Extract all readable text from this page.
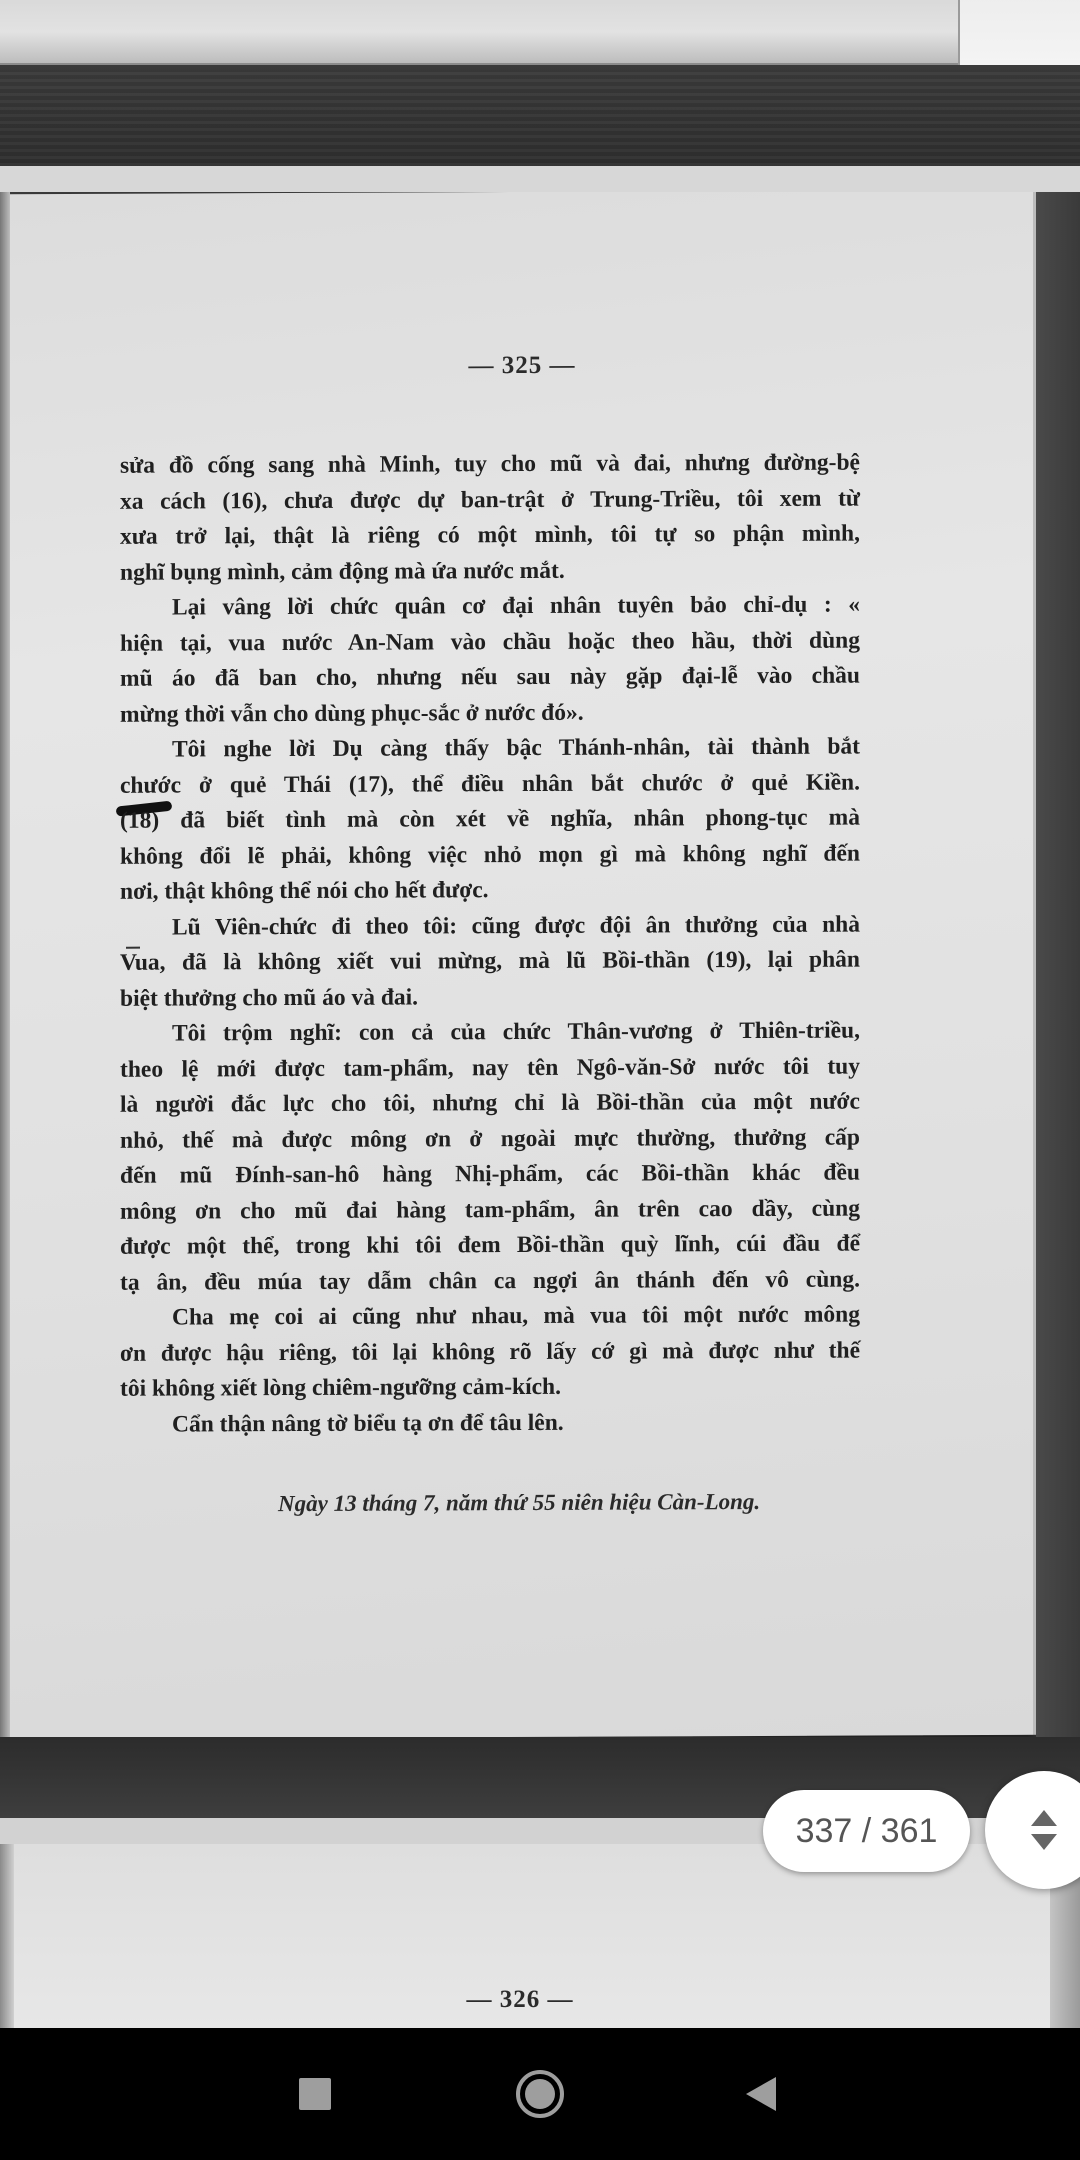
— 325 —
sửa đồ cống sang nhà Minh, tuy cho mũ và đai, nhưng đường-bệ
xa cách (16), chưa được dự ban-trật ở Trung-Triều, tôi xem từ
xưa trở lại, thật là riêng có một mình, tôi tự so phận mình,
nghĩ bụng mình, cảm động mà ứa nước mắt.
Lại vâng lời chức quân cơ đại nhân tuyên bảo chỉ-dụ : «
hiện tại, vua nước An-Nam vào chầu hoặc theo hầu, thời dùng
mũ áo đã ban cho, nhưng nếu sau này gặp đại-lễ vào chầu
mừng thời vẫn cho dùng phục-sắc ở nước đó».
Tôi nghe lời Dụ càng thấy bậc Thánh-nhân, tài thành bắt
chước ở quẻ Thái (17), thể điều nhân bắt chước ở quẻ Kiền.
(18) đã biết tình mà còn xét về nghĩa, nhân phong-tục mà
không đổi lẽ phải, không việc nhỏ mọn gì mà không nghĩ đến
nơi, thật không thể nói cho hết được.
Lũ Viên-chức đi theo tôi: cũng được đội ân thưởng của nhà
Vua, đã là không xiết vui mừng, mà lũ Bồi-thần (19), lại phân
biệt thưởng cho mũ áo và đai.
Tôi trộm nghĩ: con cả của chức Thân-vương ở Thiên-triều,
theo lệ mới được tam-phẩm, nay tên Ngô-văn-Sở nước tôi tuy
là người đắc lực cho tôi, nhưng chỉ là Bồi-thần của một nước
nhỏ, thế mà được mông ơn ở ngoài mực thường, thưởng cấp
đến mũ Đính-san-hô hàng Nhị-phẩm, các Bồi-thần khác đều
mông ơn cho mũ đai hàng tam-phẩm, ân trên cao dầy, cùng
được một thể, trong khi tôi đem Bồi-thần quỳ lĩnh, cúi đầu để
tạ ân, đều múa tay dẫm chân ca ngợi ân thánh đến vô cùng.
Cha mẹ coi ai cũng như nhau, mà vua tôi một nước mông
ơn được hậu riêng, tôi lại không rõ lấy cớ gì mà được như thế
tôi không xiết lòng chiêm-ngưỡng cảm-kích.
Cẩn thận nâng tờ biểu tạ ơn để tâu lên.
Ngày 13 tháng 7, năm thứ 55 niên hiệu Càn-Long.
— 326 —
337 / 361
